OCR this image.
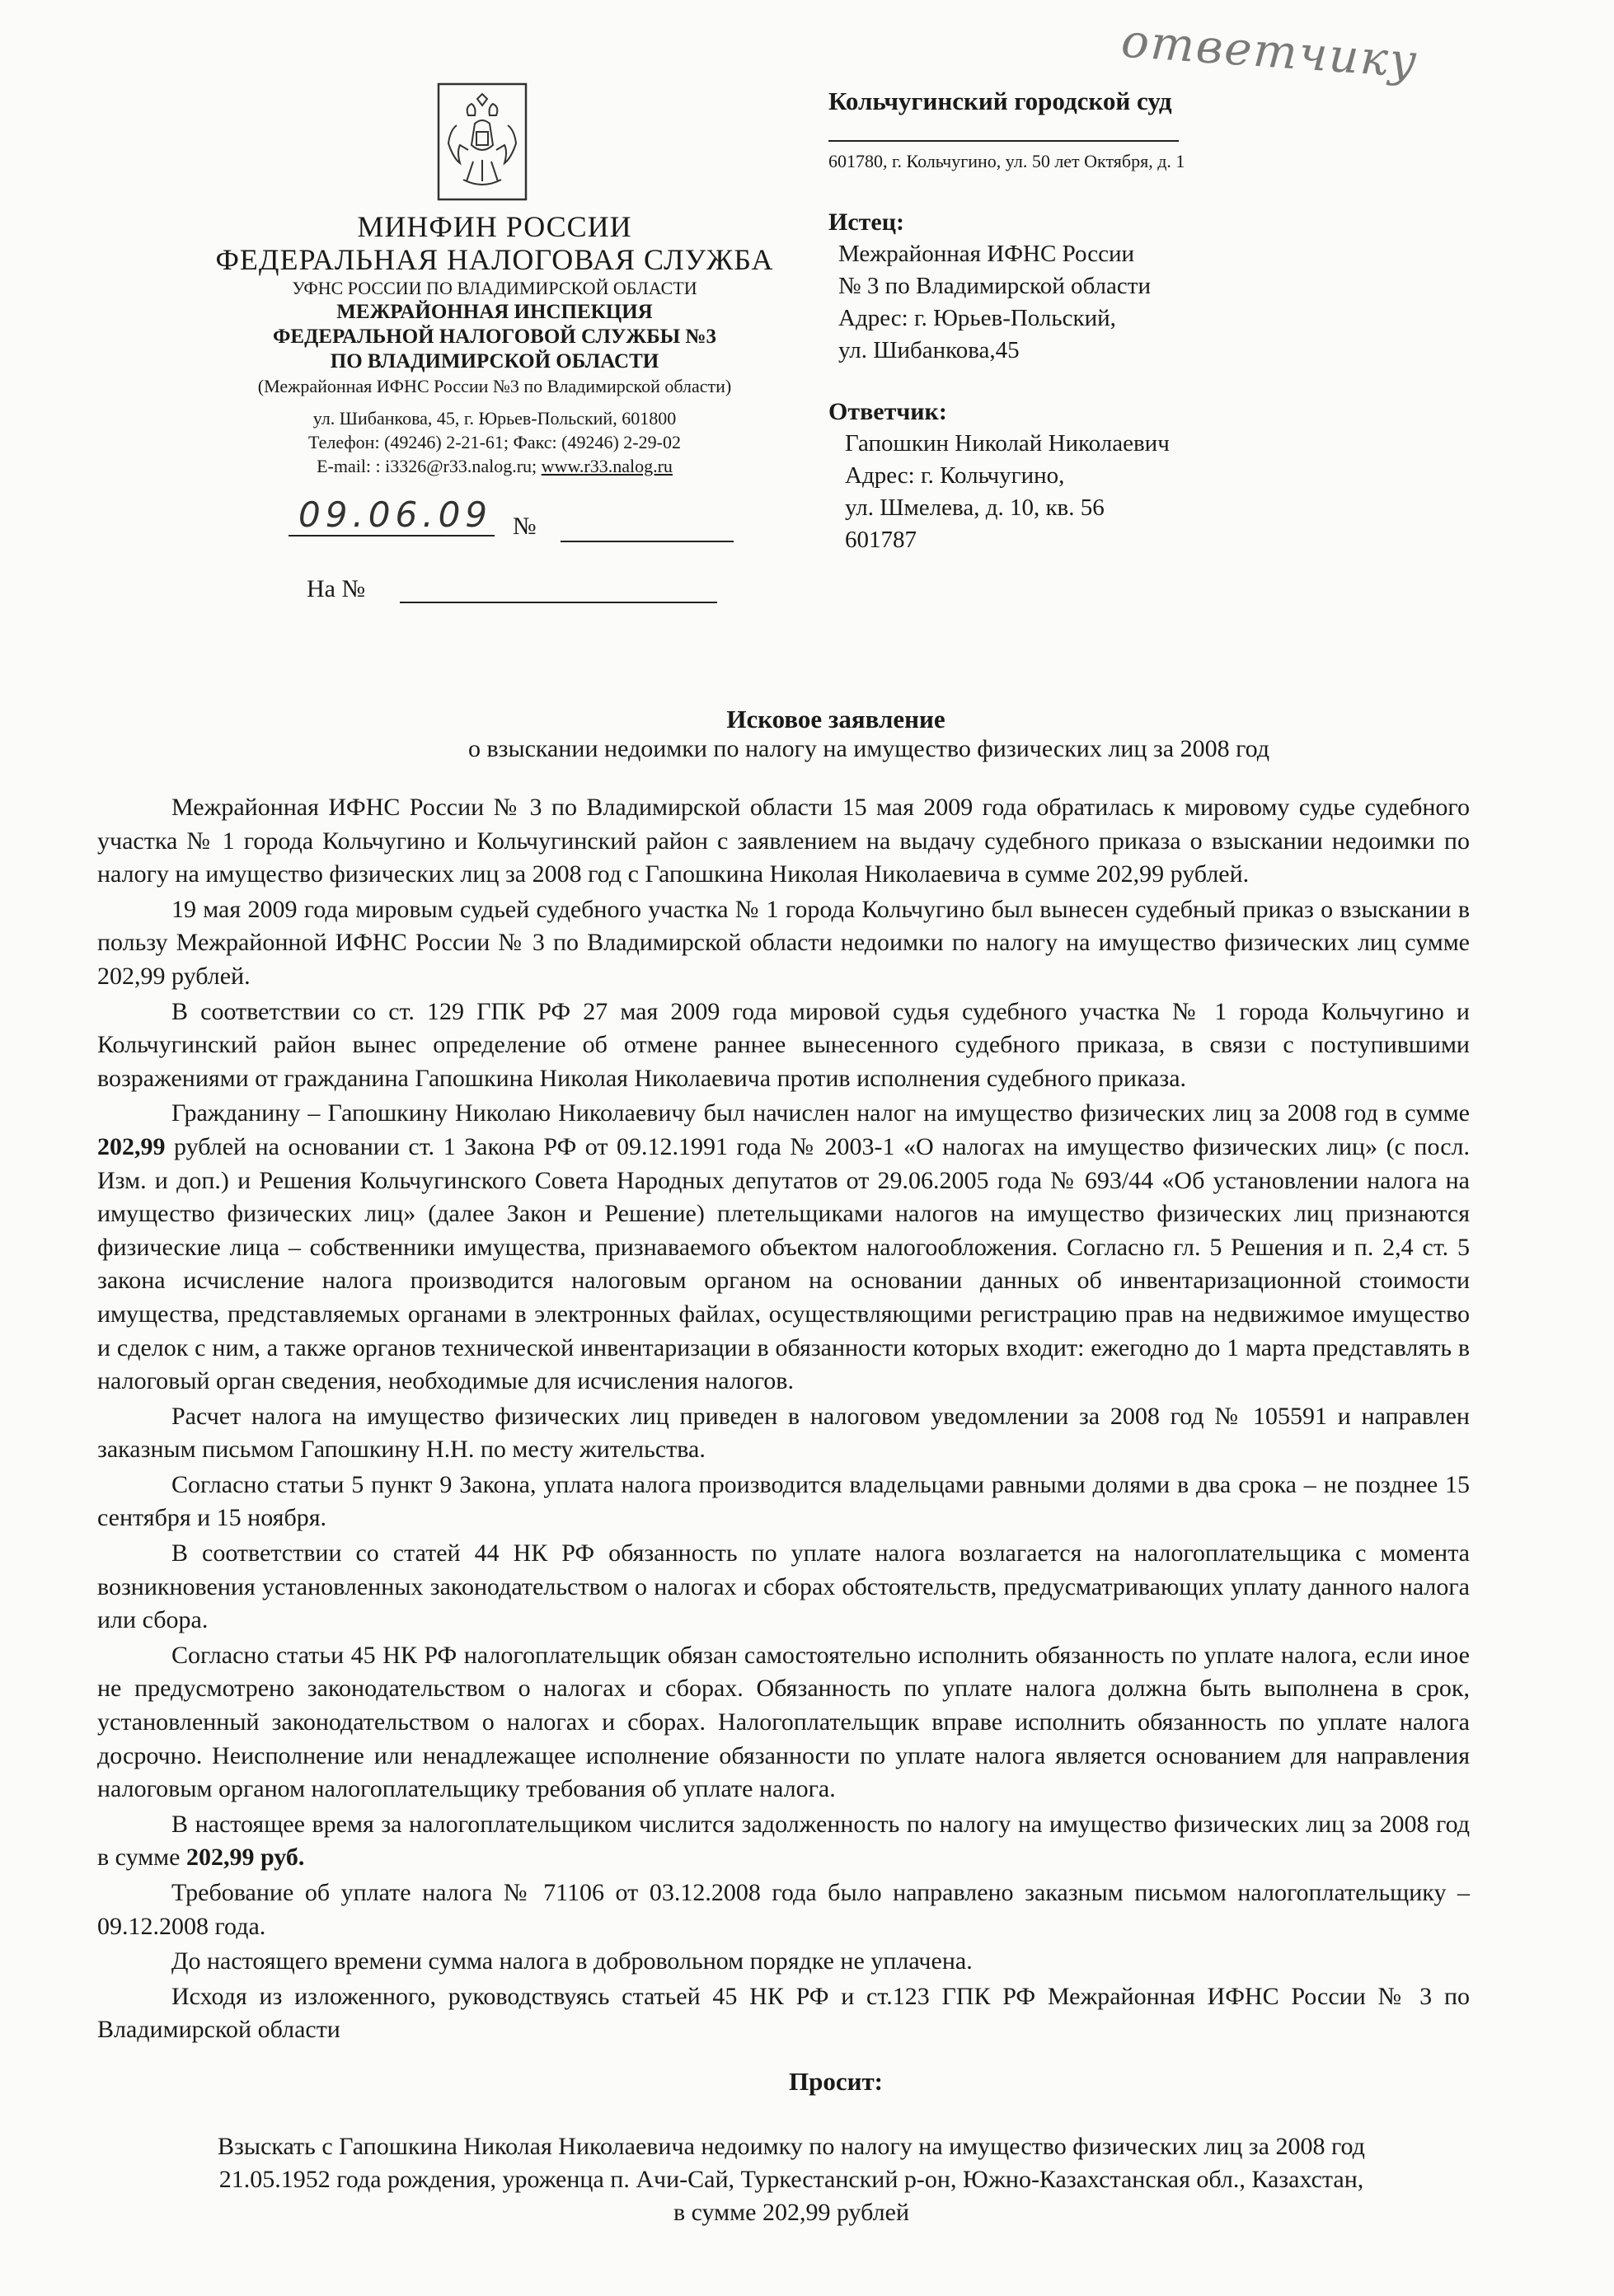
ответчику
МИНФИН РОССИИ
ФЕДЕРАЛЬНАЯ НАЛОГОВАЯ СЛУЖБА
УФНС РОССИИ ПО ВЛАДИМИРСКОЙ ОБЛАСТИ
МЕЖРАЙОННАЯ ИНСПЕКЦИЯ
ФЕДЕРАЛЬНОЙ НАЛОГОВОЙ СЛУЖБЫ №3
ПО ВЛАДИМИРСКОЙ ОБЛАСТИ
(Межрайонная ИФНС России №3 по Владимирской области)
ул. Шибанкова, 45, г. Юрьев-Польский, 601800
Телефон: (49246) 2-21-61; Факс: (49246) 2-29-02
E-mail: : i3326@r33.nalog.ru; www.r33.nalog.ru
09.06.09 №
На №
Кольчугинский городской суд
601780, г. Кольчугино, ул. 50 лет Октября, д. 1
Истец:
Межрайонная ИФНС России
№ 3 по Владимирской области
Адрес: г. Юрьев-Польский,
ул. Шибанкова,45
Ответчик:
Гапошкин Николай Николаевич
Адрес: г. Кольчугино,
ул. Шмелева, д. 10, кв. 56
601787
Исковое заявление
о взыскании недоимки по налогу на имущество физических лиц за 2008 год

Межрайонная ИФНС России № 3 по Владимирской области 15 мая 2009 года обратилась к мировому судье судебного участка № 1 города Кольчугино и Кольчугинский район с заявлением на выдачу судебного приказа о взыскании недоимки по налогу на имущество физических лиц за 2008 год с Гапошкина Николая Николаевича в сумме 202,99 рублей.

19 мая 2009 года мировым судьей судебного участка № 1 города Кольчугино был вынесен судебный приказ о взыскании в пользу Межрайонной ИФНС России № 3 по Владимирской области недоимки по налогу на имущество физических лиц сумме 202,99 рублей.

В соответствии со ст. 129 ГПК РФ 27 мая 2009 года мировой судья судебного участка № 1 города Кольчугино и Кольчугинский район вынес определение об отмене раннее вынесенного судебного приказа, в связи с поступившими возражениями от гражданина Гапошкина Николая Николаевича против исполнения судебного приказа.

Гражданину – Гапошкину Николаю Николаевичу был начислен налог на имущество физических лиц за 2008 год в сумме 202,99 рублей на основании ст. 1 Закона РФ от 09.12.1991 года № 2003-1 «О налогах на имущество физических лиц» (с посл. Изм. и доп.) и Решения Кольчугинского Совета Народных депутатов от 29.06.2005 года № 693/44 «Об установлении налога на имущество физических лиц» (далее Закон и Решение) плетельщиками налогов на имущество физических лиц признаются физические лица – собственники имущества, признаваемого объектом налогообложения. Согласно гл. 5 Решения и п. 2,4 ст. 5 закона исчисление налога производится налоговым органом на основании данных об инвентаризационной стоимости имущества, представляемых органами в электронных файлах, осуществляющими регистрацию прав на недвижимое имущество и сделок с ним, а также органов технической инвентаризации в обязанности которых входит: ежегодно до 1 марта представлять в налоговый орган сведения, необходимые для исчисления налогов.

Расчет налога на имущество физических лиц приведен в налоговом уведомлении за 2008 год № 105591 и направлен заказным письмом Гапошкину Н.Н. по месту жительства.

Согласно статьи 5 пункт 9 Закона, уплата налога производится владельцами равными долями в два срока – не позднее 15 сентября и 15 ноября.

В соответствии со статей 44 НК РФ обязанность по уплате налога возлагается на налогоплательщика с момента возникновения установленных законодательством о налогах и сборах обстоятельств, предусматривающих уплату данного налога или сбора.

Согласно статьи 45 НК РФ налогоплательщик обязан самостоятельно исполнить обязанность по уплате налога, если иное не предусмотрено законодательством о налогах и сборах. Обязанность по уплате налога должна быть выполнена в срок, установленный законодательством о налогах и сборах. Налогоплательщик вправе исполнить обязанность по уплате налога досрочно. Неисполнение или ненадлежащее исполнение обязанности по уплате налога является основанием для направления налоговым органом налогоплательщику требования об уплате налога.

В настоящее время за налогоплательщиком числится задолженность по налогу на имущество физических лиц за 2008 год в сумме 202,99 руб.

Требование об уплате налога № 71106 от 03.12.2008 года было направлено заказным письмом налогоплательщику – 09.12.2008 года.

До настоящего времени сумма налога в добровольном порядке не уплачена.

Исходя из изложенного, руководствуясь статьей 45 НК РФ и ст.123 ГПК РФ Межрайонная ИФНС России № 3 по Владимирской области

Просит:
Взыскать с Гапошкина Николая Николаевича недоимку по налогу на имущество физических лиц за 2008 год
21.05.1952 года рождения, уроженца п. Ачи-Сай, Туркестанский р-он, Южно-Казахстанская обл., Казахстан,
в сумме 202,99 рублей
